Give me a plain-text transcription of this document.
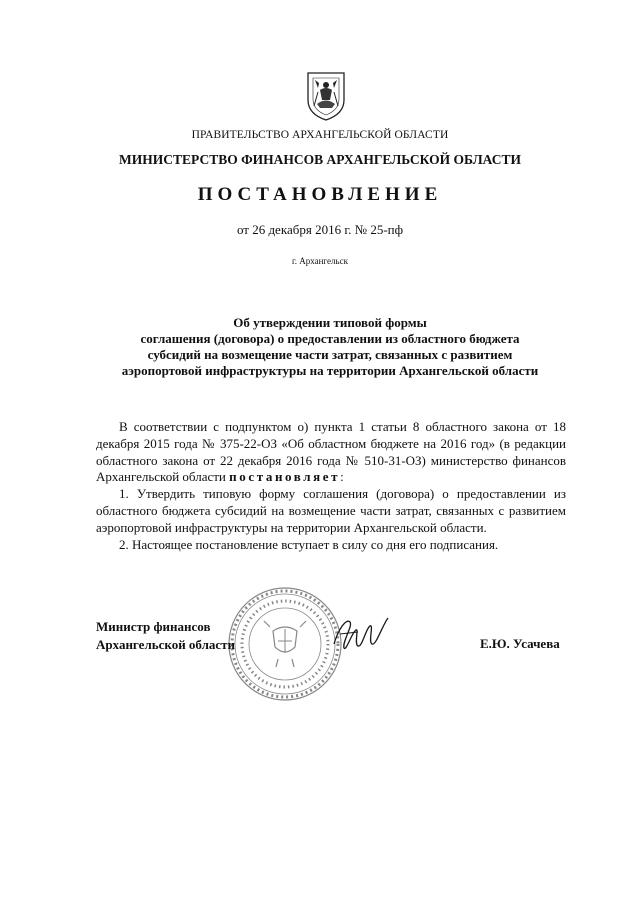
ПРАВИТЕЛЬСТВО АРХАНГЕЛЬСКОЙ ОБЛАСТИ
МИНИСТЕРСТВО ФИНАНСОВ АРХАНГЕЛЬСКОЙ ОБЛАСТИ
ПОСТАНОВЛЕНИЕ
от 26 декабря 2016 г. № 25-пф
г. Архангельск
Об утверждении типовой формы
соглашения (договора) о предоставлении из областного бюджета
субсидий на возмещение части затрат, связанных с развитием
аэропортовой инфраструктуры на территории Архангельской области

В соответствии с подпунктом о) пункта 1 статьи 8 областного закона от 18 декабря 2015 года № 375-22-ОЗ «Об областном бюджете на 2016 год» (в редакции областного закона от 22 декабря 2016 года № 510-31-ОЗ) министерство финансов Архангельской области постановляет:

1. Утвердить типовую форму соглашения (договора) о предоставлении из областного бюджета субсидий на возмещение части затрат, связанных с развитием аэропортовой инфраструктуры на территории Архангельской области.

2. Настоящее постановление вступает в силу со дня его подписания.

Министр финансов
Архангельской области	Е.Ю. Усачева
